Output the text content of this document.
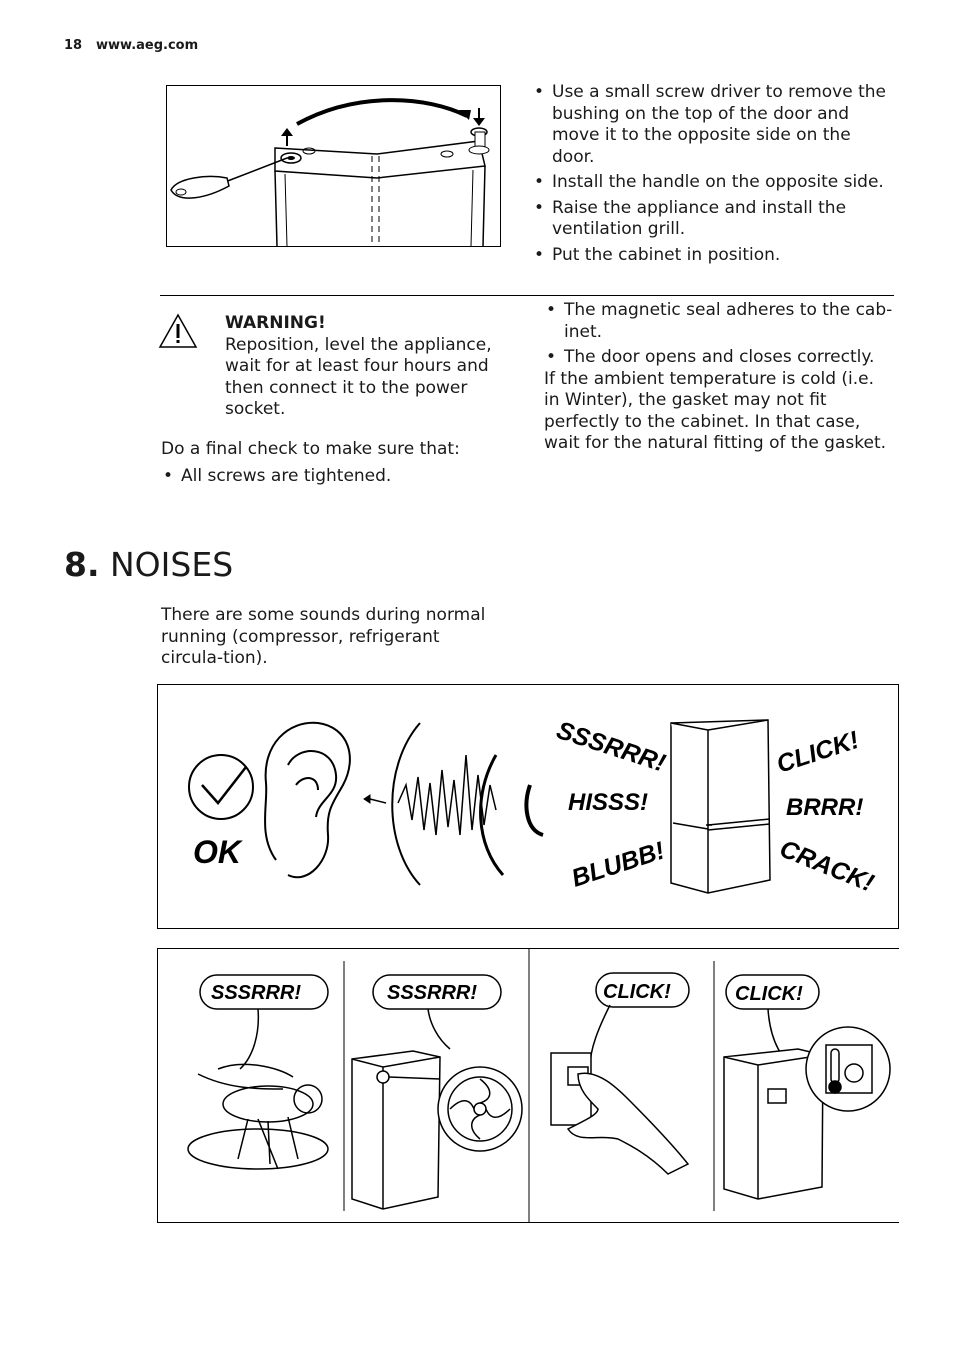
18 www.aeg.com
• Use a small screw driver to remove the bushing on the top of the door and move it to the opposite side on the door.
• Install the handle on the opposite side.
• Raise the appliance and install the ventilation grill.
• Put the cabinet in position.
WARNING!
Reposition, level the appliance, wait for at least four hours and then connect it to the power socket.
Do a final check to make sure that:
• All screws are tightened.
• The magnetic seal adheres to the cab-inet.
• The door opens and closes correctly.
If the ambient temperature is cold (i.e. in Winter), the gasket may not fit perfectly to the cabinet. In that case, wait for the natural fitting of the gasket.
8. NOISES
There are some sounds during normal running (compressor, refrigerant circula-tion).
OK
SSSRRR!
HISSS!
BLUBB!
CLICK!
BRRR!
CRACK!
SSSRRR!	SSSRRR!	CLICK!	CLICK!
